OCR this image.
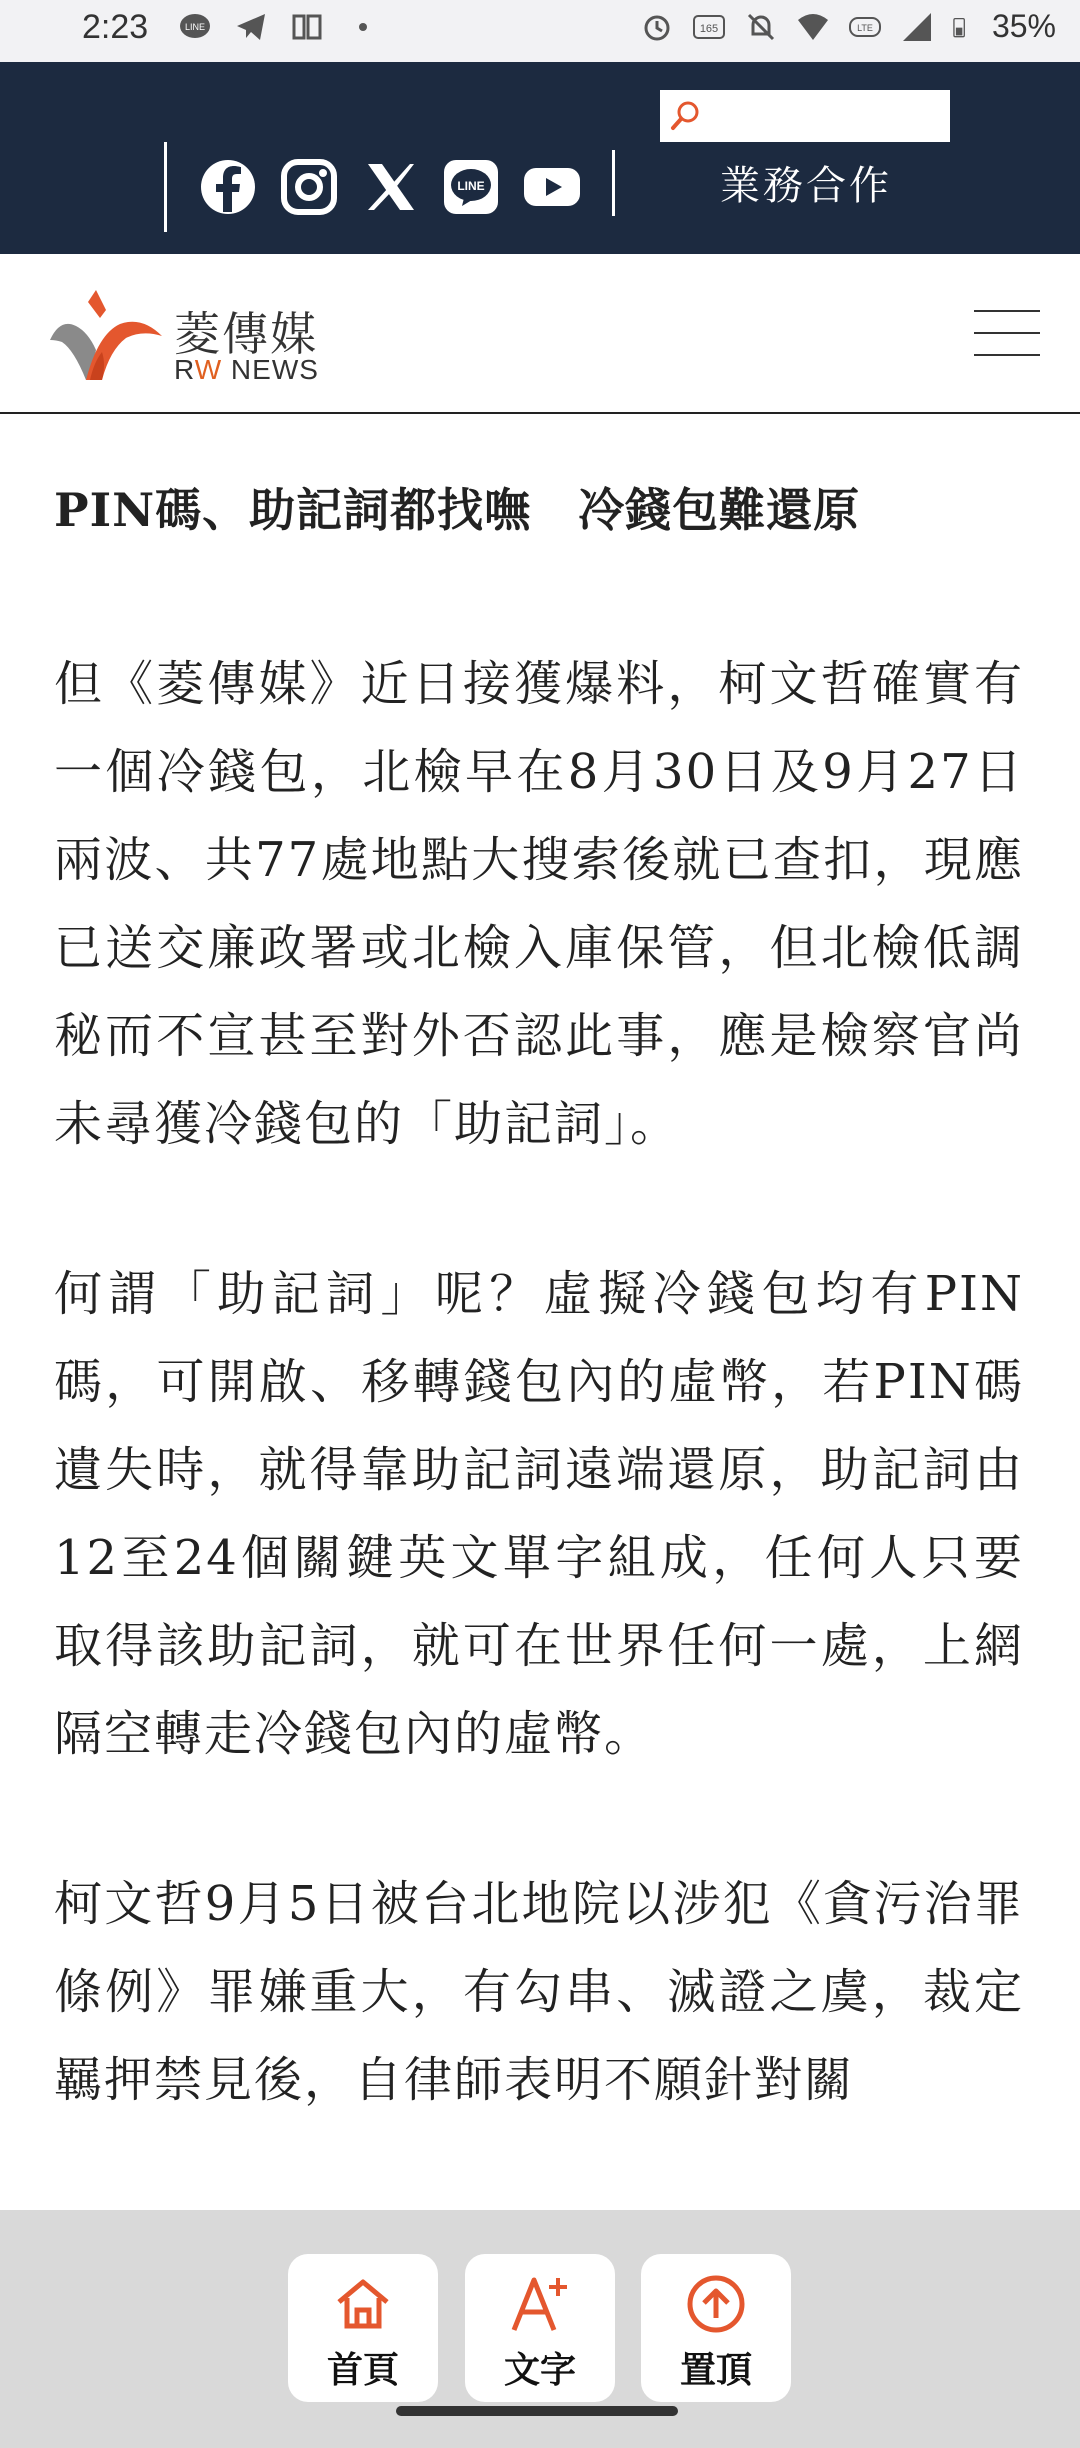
2:23	LINE	165	LTE	35%
LINE	業務合作
菱傳媒
RW NEWS
PIN碼、助記詞都找嘸　冷錢包難還原

但《菱傳媒》近日接獲爆料，柯文哲確實有一個冷錢包，北檢早在8月30日及9月27日兩波、共77處地點大搜索後就已查扣，現應已送交廉政署或北檢入庫保管，但北檢低調秘而不宣甚至對外否認此事，應是檢察官尚未尋獲冷錢包的「助記詞」。

何謂「助記詞」呢？虛擬冷錢包均有PIN碼，可開啟、移轉錢包內的虛幣，若PIN碼遺失時，就得靠助記詞遠端還原，助記詞由12至24個關鍵英文單字組成，任何人只要取得該助記詞，就可在世界任何一處，上網隔空轉走冷錢包內的虛幣。

柯文哲9月5日被台北地院以涉犯《貪污治罪條例》罪嫌重大，有勾串、滅證之虞，裁定羈押禁見後，自律師表明不願針對關

首頁	文字	置頂
